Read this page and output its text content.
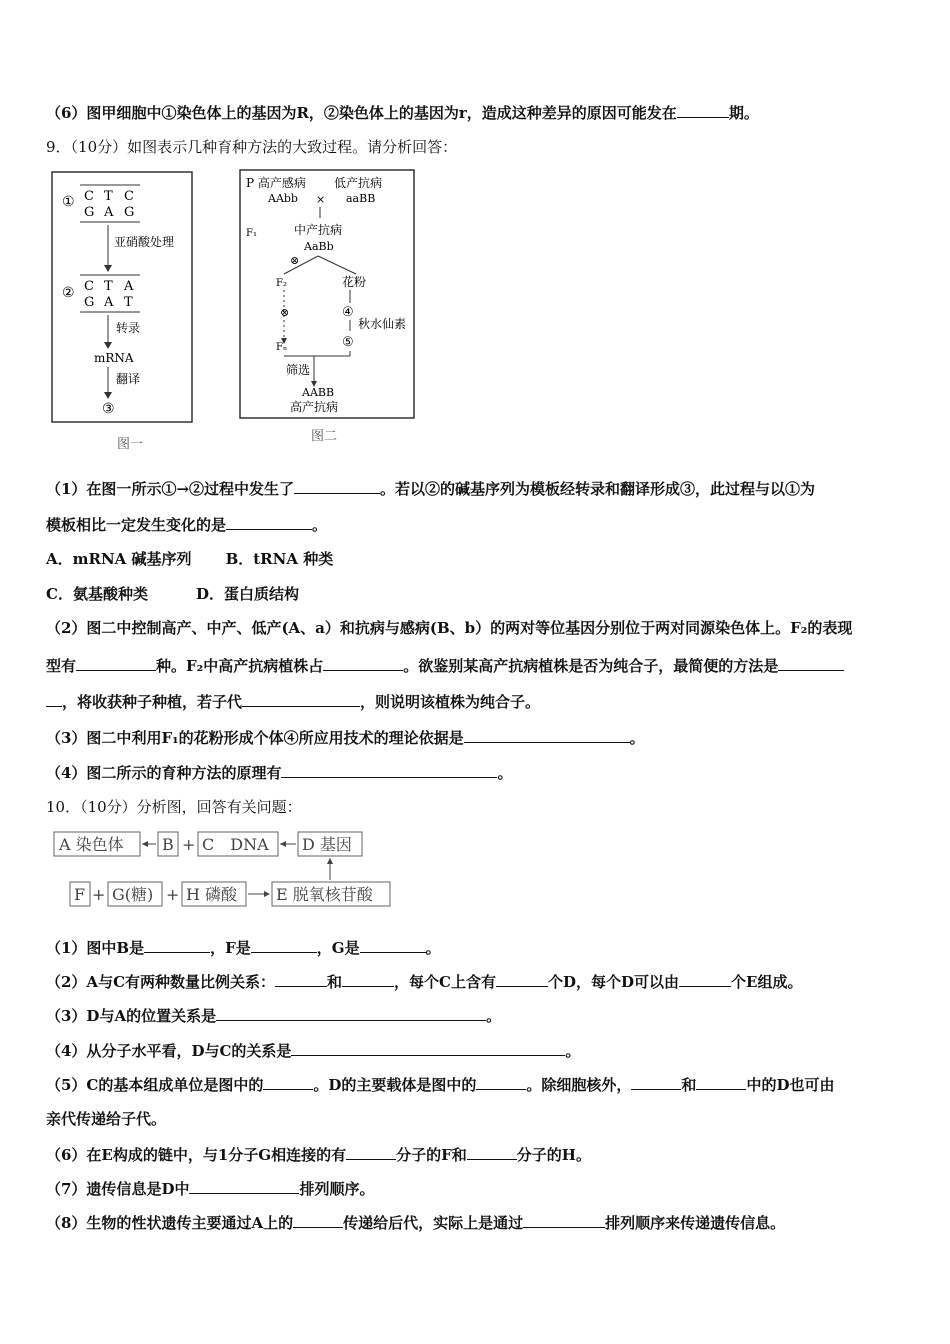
（6）图甲细胞中①染色体上的基因为R，②染色体上的基因为r，造成这种差异的原因可能发在	期。
9．（10分）如图表示几种育种方法的大致过程。请分析回答：
① C T C
G A G
亚硝酸处理
② C T A
G A T
转录
mRNA
翻译
③
图一
P 高产感病 低产抗病
AAbb × aaBB
F₁	中产抗病
AaBb
⊗
F₂	花粉
⊗
Fₙ
④
秋水仙素
⑤
筛选
AABB
高产抗病
图二
（1）在图一所示①→②过程中发生了	。若以②的碱基序列为模板经转录和翻译形成③，此过程与以①为
模板相比一定发生变化的是	。
A．mRNA 碱基序列 B．tRNA 种类
C．氨基酸种类	D．蛋白质结构
（2）图二中控制高产、中产、低产(A、a）和抗病与感病(B、b）的两对等位基因分别位于两对同源染色体上。F₂的表现
型有	种。F₂中高产抗病植株占	。欲鉴别某高产抗病植株是否为纯合子，最简便的方法是
，将收获种子种植，若子代	，则说明该植株为纯合子。
（3）图二中利用F₁的花粉形成个体④所应用技术的理论依据是	。
（4）图二所示的育种方法的原理有	。
10．（10分）分析图，回答有关问题：
A 染色体 B + C　DNA D 基因
F + G(糖) + H 磷酸 E 脱氧核苷酸
（1）图中B是	，F是	，G是	。
（2）A与C有两种数量比例关系：	和	，每个C上含有	个D，每个D可以由	个E组成。
（3）D与A的位置关系是	。
（4）从分子水平看，D与C的关系是	。
（5）C的基本组成单位是图中的	。D的主要载体是图中的	。除细胞核外，	和	中的D也可由
亲代传递给子代。
（6）在E构成的链中，与1分子G相连接的有	分子的F和	分子的H。
（7）遗传信息是D中	排列顺序。
（8）生物的性状遗传主要通过A上的	传递给后代，实际上是通过	排列顺序来传递遗传信息。
